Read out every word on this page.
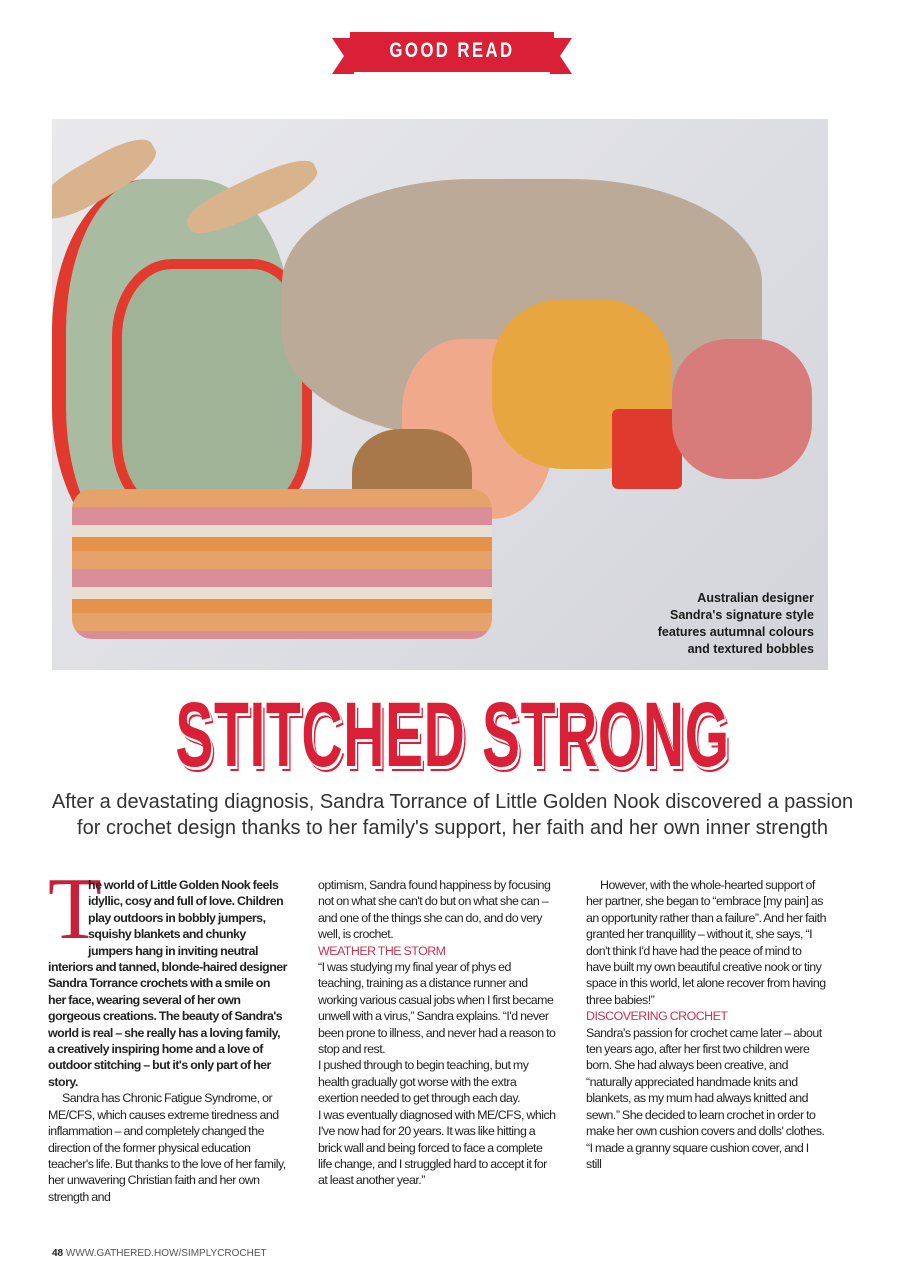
GOOD READ
Australian designer
Sandra's signature style
features autumnal colours
and textured bobbles
STITCHED STRONG

After a devastating diagnosis, Sandra Torrance of Little Golden Nook discovered a passion for crochet design thanks to her family's support, her faith and her own inner strength

T

he world of Little Golden Nook feels idyllic, cosy and full of love. Children play outdoors in bobbly jumpers, squishy blankets and chunky jumpers hang in inviting neutral interiors and tanned, blonde-haired designer Sandra Torrance crochets with a smile on her face, wearing several of her own gorgeous creations. The beauty of Sandra's world is real – she really has a loving family, a creatively inspiring home and a love of outdoor stitching – but it's only part of her story.

Sandra has Chronic Fatigue Syndrome, or ME/CFS, which causes extreme tiredness and inflammation – and completely changed the direction of the former physical education teacher's life. But thanks to the love of her family, her unwavering Christian faith and her own strength and

optimism, Sandra found happiness by focusing not on what she can't do but on what she can – and one of the things she can do, and do very well, is crochet.

WEATHER THE STORM

“I was studying my final year of phys ed teaching, training as a distance runner and working various casual jobs when I first became unwell with a virus,” Sandra explains. “I'd never been prone to illness, and never had a reason to stop and rest.

I pushed through to begin teaching, but my health gradually got worse with the extra exertion needed to get through each day.

I was eventually diagnosed with ME/CFS, which I've now had for 20 years. It was like hitting a brick wall and being forced to face a complete life change, and I struggled hard to accept it for at least another year.”

However, with the whole-hearted support of her partner, she began to “embrace [my pain] as an opportunity rather than a failure”. And her faith granted her tranquillity – without it, she says, “I don't think I'd have had the peace of mind to have built my own beautiful creative nook or tiny space in this world, let alone recover from having three babies!”

DISCOVERING CROCHET

Sandra's passion for crochet came later – about ten years ago, after her first two children were born. She had always been creative, and “naturally appreciated handmade knits and blankets, as my mum had always knitted and sewn.” She decided to learn crochet in order to make her own cushion covers and dolls' clothes. “I made a granny square cushion cover, and I still

48 WWW.GATHERED.HOW/SIMPLYCROCHET
